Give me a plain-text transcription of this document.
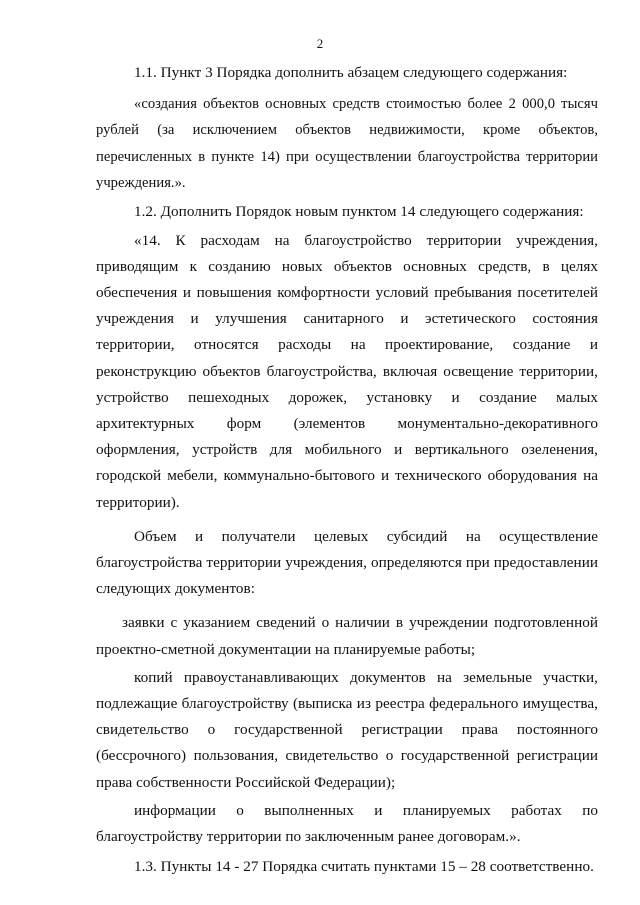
2

1.1. Пункт 3 Порядка дополнить абзацем следующего содержания:

«создания объектов основных средств стоимостью более 2 000,0 тысяч рублей (за исключением объектов недвижимости, кроме объектов, перечисленных в пункте 14) при осуществлении благоустройства территории учреждения.».

1.2. Дополнить Порядок новым пунктом 14 следующего содержания:

«14. К расходам на благоустройство территории учреждения, приводящим к созданию новых объектов основных средств, в целях обеспечения и повышения комфортности условий пребывания посетителей учреждения и улучшения санитарного и эстетического состояния территории, относятся расходы на проектирование, создание и реконструкцию объектов благоустройства, включая освещение территории, устройство пешеходных дорожек, установку и создание малых архитектурных форм (элементов монументально-декоративного оформления, устройств для мобильного и вертикального озеленения, городской мебели, коммунально-бытового и технического оборудования на территории).

Объем и получатели целевых субсидий на осуществление благоустройства территории учреждения, определяются при предоставлении следующих документов:

заявки с указанием сведений о наличии в учреждении подготовленной проектно-сметной документации на планируемые работы;

копий правоустанавливающих документов на земельные участки, подлежащие благоустройству (выписка из реестра федерального имущества, свидетельство о государственной регистрации права постоянного (бессрочного) пользования, свидетельство о государственной регистрации права собственности Российской Федерации);

информации о выполненных и планируемых работах по благоустройству территории по заключенным ранее договорам.».

1.3. Пункты 14 - 27 Порядка считать пунктами 15 – 28 соответственно.
